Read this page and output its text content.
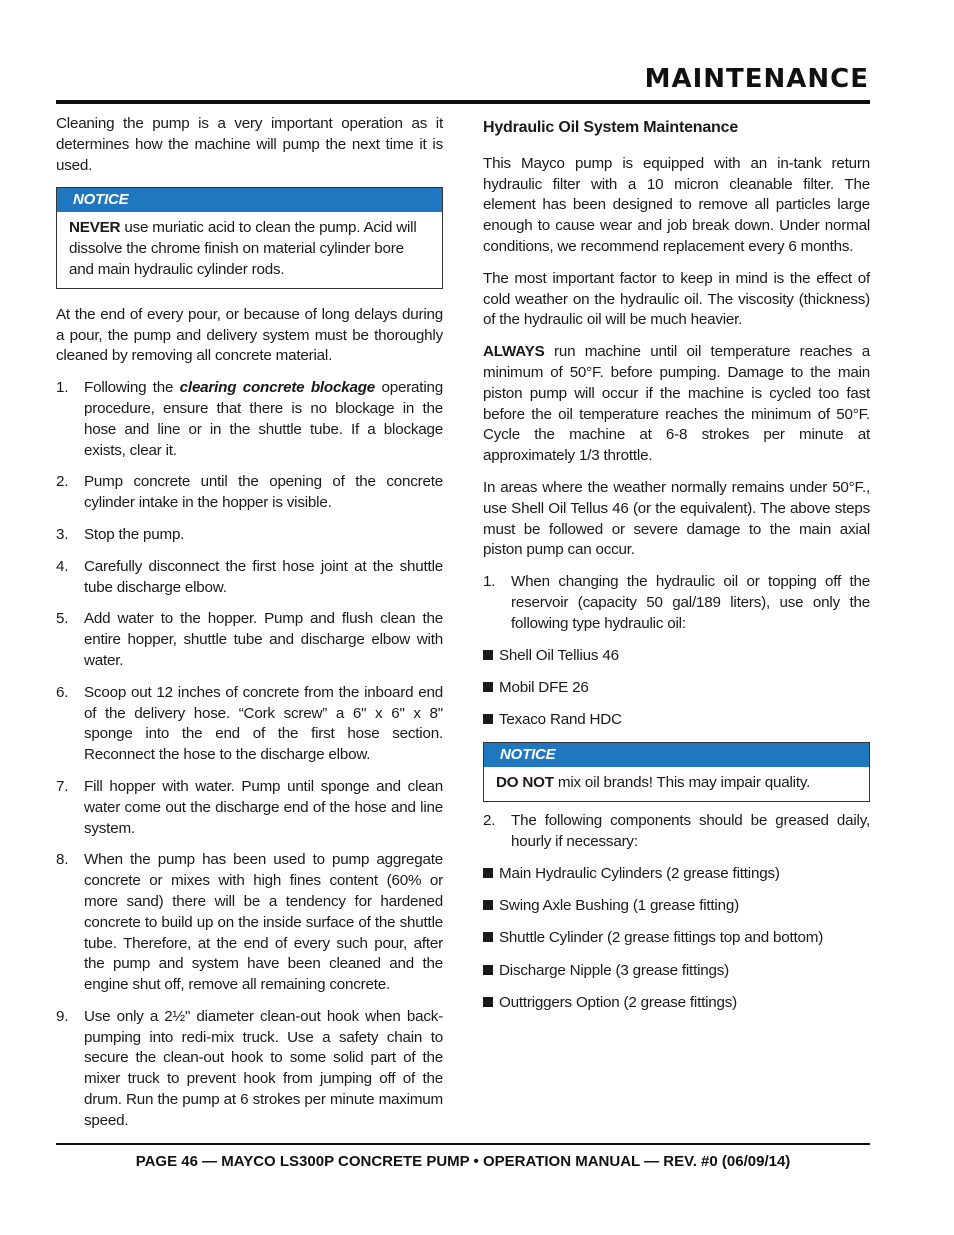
MAINTENANCE

Cleaning the pump is a very important operation as it determines how the machine will pump the next time it is used.

NOTICE

NEVER use muriatic acid to clean the pump. Acid will dissolve the chrome finish on material cylinder bore and main hydraulic cylinder rods.

At the end of every pour, or because of long delays during a pour, the pump and delivery system must be thoroughly cleaned by removing all concrete material.

1. Following the clearing concrete blockage operating procedure, ensure that there is no blockage in the hose and line or in the shuttle tube. If a blockage exists, clear it.
2. Pump concrete until the opening of the concrete cylinder intake in the hopper is visible.
3. Stop the pump.
4. Carefully disconnect the first hose joint at the shuttle tube discharge elbow.
5. Add water to the hopper. Pump and flush clean the entire hopper, shuttle tube and discharge elbow with water.
6. Scoop out 12 inches of concrete from the inboard end of the delivery hose. “Cork screw” a 6" x 6" x 8" sponge into the end of the first hose section. Reconnect the hose to the discharge elbow.
7. Fill hopper with water. Pump until sponge and clean water come out the discharge end of the hose and line system.
8. When the pump has been used to pump aggregate concrete or mixes with high fines content (60% or more sand) there will be a tendency for hardened concrete to build up on the inside surface of the shuttle tube. Therefore, at the end of every such pour, after the pump and system have been cleaned and the engine shut off, remove all remaining concrete.
9. Use only a 2½" diameter clean-out hook when back-pumping into redi-mix truck. Use a safety chain to secure the clean-out hook to some solid part of the mixer truck to prevent hook from jumping off of the drum. Run the pump at 6 strokes per minute maximum speed.
Hydraulic Oil System Maintenance

This Mayco pump is equipped with an in-tank return hydraulic filter with a 10 micron cleanable filter. The element has been designed to remove all particles large enough to cause wear and job break down. Under normal conditions, we recommend replacement every 6 months.

The most important factor to keep in mind is the effect of cold weather on the hydraulic oil. The viscosity (thickness) of the hydraulic oil will be much heavier.

ALWAYS run machine until oil temperature reaches a minimum of 50°F. before pumping. Damage to the main piston pump will occur if the machine is cycled too fast before the oil temperature reaches the minimum of 50°F. Cycle the machine at 6-8 strokes per minute at approximately 1/3 throttle.

In areas where the weather normally remains under 50°F., use Shell Oil Tellus 46 (or the equivalent). The above steps must be followed or severe damage to the main axial piston pump can occur.

1. When changing the hydraulic oil or topping off the reservoir (capacity 50 gal/189 liters), use only the following type hydraulic oil:
Shell Oil Tellius 46
Mobil DFE 26
Texaco Rand HDC
NOTICE

DO NOT mix oil brands! This may impair quality.

2. The following components should be greased daily, hourly if necessary:
Main Hydraulic Cylinders (2 grease fittings)
Swing Axle Bushing (1 grease fitting)
Shuttle Cylinder (2 grease fittings top and bottom)
Discharge Nipple (3 grease fittings)
Outtriggers Option (2 grease fittings)
PAGE 46 — MAYCO LS300P CONCRETE PUMP • OPERATION MANUAL — REV. #0 (06/09/14)
